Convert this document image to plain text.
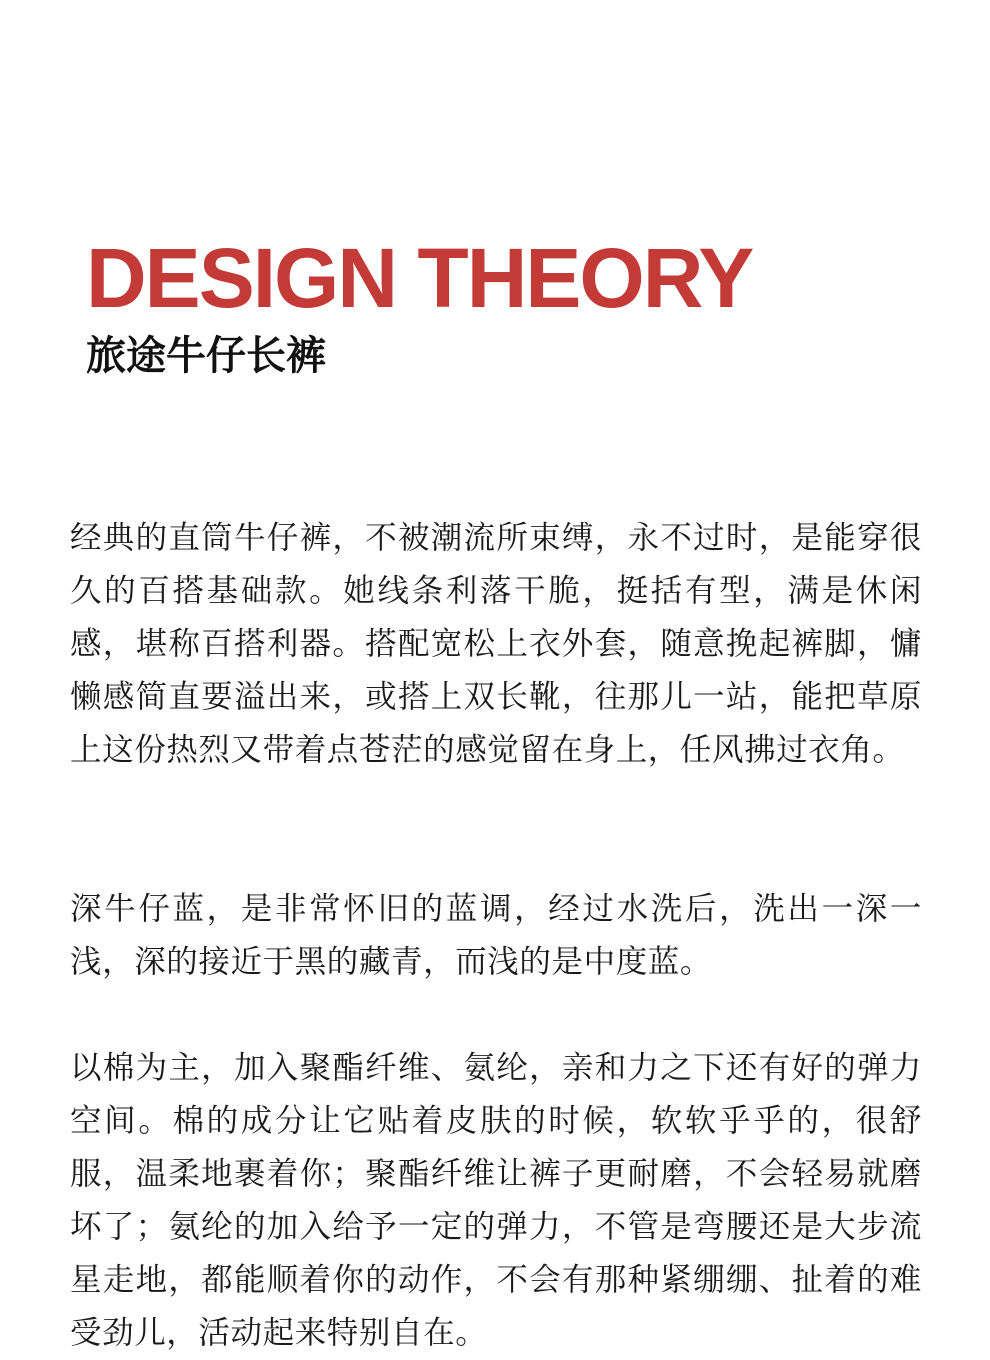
DESIGN THEORY
旅途牛仔长裤

经典的直筒牛仔裤，不被潮流所束缚，永不过时，是能穿很久的百搭基础款。她线条利落干脆，挺括有型，满是休闲感，堪称百搭利器。搭配宽松上衣外套，随意挽起裤脚，慵懒感简直要溢出来，或搭上双长靴，往那儿一站，能把草原上这份热烈又带着点苍茫的感觉留在身上，任风拂过衣角。

深牛仔蓝，是非常怀旧的蓝调，经过水洗后，洗出一深一浅，深的接近于黑的藏青，而浅的是中度蓝。

以棉为主，加入聚酯纤维、氨纶，亲和力之下还有好的弹力空间。棉的成分让它贴着皮肤的时候，软软乎乎的，很舒服，温柔地裹着你；聚酯纤维让裤子更耐磨，不会轻易就磨坏了；氨纶的加入给予一定的弹力，不管是弯腰还是大步流星走地，都能顺着你的动作，不会有那种紧绷绷、扯着的难受劲儿，活动起来特别自在。
